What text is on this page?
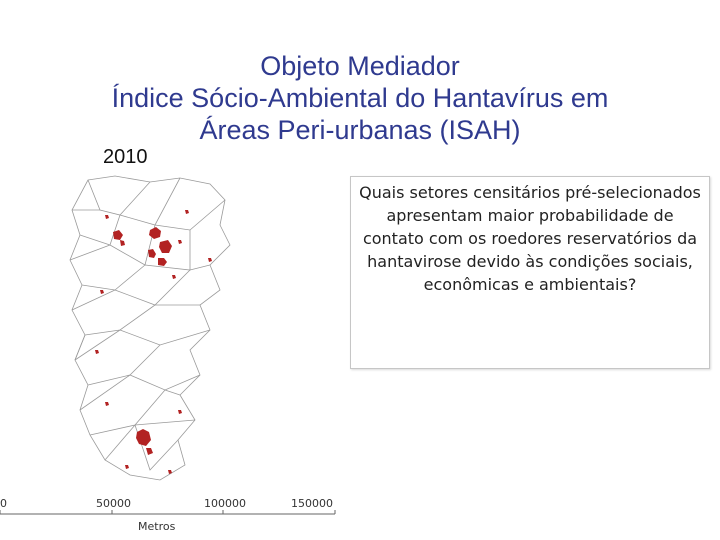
Objeto Mediador
Índice Sócio-Ambiental do Hantavírus em
Áreas Peri-urbanas (ISAH)
2010
Quais setores censitários pré-selecionados apresentam maior probabilidade de contato com os roedores reservatórios da hantavirose devido às condições sociais, econômicas e ambientais?
0	50000	100000	150000
Metros
